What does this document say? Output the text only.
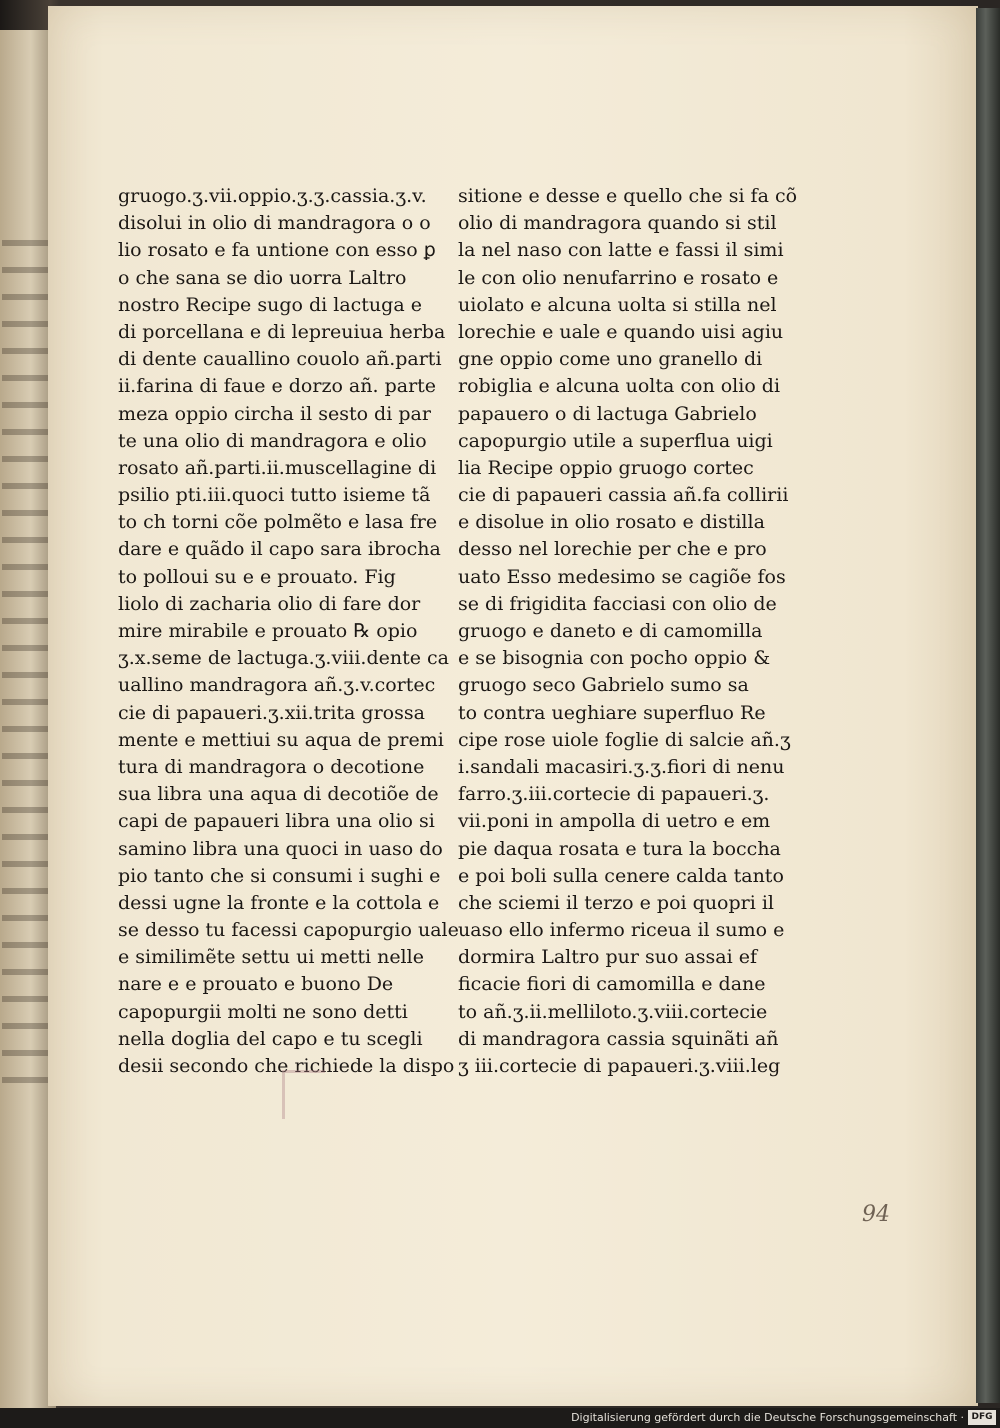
gruogo.ʒ.vii.oppio.ʒ.ʒ.cassia.ʒ.v.
disolui in olio di mandragora o o
lio rosato e fa untione con esso ꝑ
o che sana se dio uorra Laltro
nostro Recipe sugo di lactuga e
di porcellana e di lepreuiua herba
di dente cauallino couolo añ.parti
ii.farina di faue e dorzo añ. parte
meza oppio circha il sesto di par
te una olio di mandragora e olio
rosato añ.parti.ii.muscellagine di
psilio pti.iii.quoci tutto isieme tã
to ch torni cõe polmẽto e lasa fre
dare e quãdo il capo sara ibrocha
to polloui su e e prouato. Fig
liolo di zacharia olio di fare dor
mire mirabile e prouato ℞ opio
ʒ.x.seme de lactuga.ʒ.viii.dente ca
uallino mandragora añ.ʒ.v.cortec
cie di papaueri.ʒ.xii.trita grossa
mente e mettiui su aqua de premi
tura di mandragora o decotione
sua libra una aqua di decotiõe de
capi de papaueri libra una olio si
samino libra una quoci in uaso do
pio tanto che si consumi i sughi e
dessi ugne la fronte e la cottola e
se desso tu facessi capopurgio uale
e similimẽte settu ui metti nelle
nare e e prouato e buono De
capopurgii molti ne sono detti
nella doglia del capo e tu scegli
desii secondo che richiede la dispo
sitione e desse e quello che si fa cõ
olio di mandragora quando si stil
la nel naso con latte e fassi il simi
le con olio nenufarrino e rosato e
uiolato e alcuna uolta si stilla nel
lorechie e uale e quando uisi agiu
gne oppio come uno granello di
robiglia e alcuna uolta con olio di
papauero o di lactuga Gabrielo
capopurgio utile a superflua uigi
lia Recipe oppio gruogo cortec
cie di papaueri cassia añ.fa collirii
e disolue in olio rosato e distilla
desso nel lorechie per che e pro
uato Esso medesimo se cagiõe fos
se di frigidita facciasi con olio de
gruogo e daneto e di camomilla
e se bisognia con pocho oppio &
gruogo seco Gabrielo sumo sa
to contra ueghiare superfluo Re
cipe rose uiole foglie di salcie añ.ʒ
i.sandali macasiri.ʒ.ʒ.fiori di nenu
farro.ʒ.iii.cortecie di papaueri.ʒ.
vii.poni in ampolla di uetro e em
pie daqua rosata e tura la boccha
e poi boli sulla cenere calda tanto
che sciemi il terzo e poi quopri il
uaso ello infermo riceua il sumo e
dormira Laltro pur suo assai ef
ficacie fiori di camomilla e dane
to añ.ʒ.ii.melliloto.ʒ.viii.cortecie
di mandragora cassia squinãti añ
ʒ iii.cortecie di papaueri.ʒ.viii.leg
94
Digitalisierung gefördert durch die Deutsche Forschungsgemeinschaft · DFG
